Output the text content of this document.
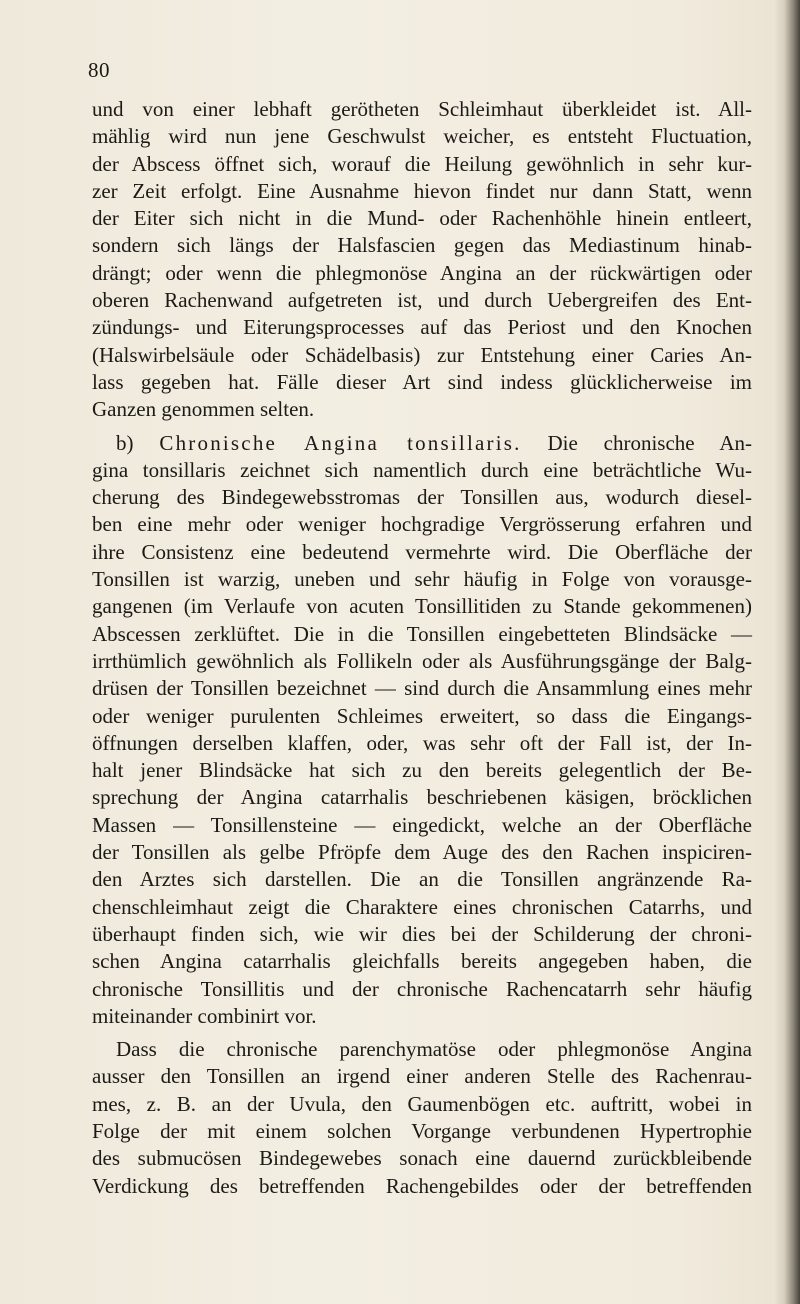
80
und von einer lebhaft gerötheten Schleimhaut überkleidet ist. All-
mählig wird nun jene Geschwulst weicher, es entsteht Fluctuation,
der Abscess öffnet sich, worauf die Heilung gewöhnlich in sehr kur-
zer Zeit erfolgt. Eine Ausnahme hievon findet nur dann Statt, wenn
der Eiter sich nicht in die Mund- oder Rachenhöhle hinein entleert,
sondern sich längs der Halsfascien gegen das Mediastinum hinab-
drängt; oder wenn die phlegmonöse Angina an der rückwärtigen oder
oberen Rachenwand aufgetreten ist, und durch Uebergreifen des Ent-
zündungs- und Eiterungsprocesses auf das Periost und den Knochen
(Halswirbelsäule oder Schädelbasis) zur Entstehung einer Caries An-
lass gegeben hat. Fälle dieser Art sind indess glücklicherweise im
Ganzen genommen selten.
b) Chronische Angina tonsillaris. Die chronische An-
gina tonsillaris zeichnet sich namentlich durch eine beträchtliche Wu-
cherung des Bindegewebsstromas der Tonsillen aus, wodurch diesel-
ben eine mehr oder weniger hochgradige Vergrösserung erfahren und
ihre Consistenz eine bedeutend vermehrte wird. Die Oberfläche der
Tonsillen ist warzig, uneben und sehr häufig in Folge von vorausge-
gangenen (im Verlaufe von acuten Tonsillitiden zu Stande gekommenen)
Abscessen zerklüftet. Die in die Tonsillen eingebetteten Blindsäcke —
irrthümlich gewöhnlich als Follikeln oder als Ausführungsgänge der Balg-
drüsen der Tonsillen bezeichnet — sind durch die Ansammlung eines mehr
oder weniger purulenten Schleimes erweitert, so dass die Eingangs-
öffnungen derselben klaffen, oder, was sehr oft der Fall ist, der In-
halt jener Blindsäcke hat sich zu den bereits gelegentlich der Be-
sprechung der Angina catarrhalis beschriebenen käsigen, bröcklichen
Massen — Tonsillensteine — eingedickt, welche an der Oberfläche
der Tonsillen als gelbe Pfröpfe dem Auge des den Rachen inspiciren-
den Arztes sich darstellen. Die an die Tonsillen angränzende Ra-
chenschleimhaut zeigt die Charaktere eines chronischen Catarrhs, und
überhaupt finden sich, wie wir dies bei der Schilderung der chroni-
schen Angina catarrhalis gleichfalls bereits angegeben haben, die
chronische Tonsillitis und der chronische Rachencatarrh sehr häufig
miteinander combinirt vor.
Dass die chronische parenchymatöse oder phlegmonöse Angina
ausser den Tonsillen an irgend einer anderen Stelle des Rachenrau-
mes, z. B. an der Uvula, den Gaumenbögen etc. auftritt, wobei in
Folge der mit einem solchen Vorgange verbundenen Hypertrophie
des submucösen Bindegewebes sonach eine dauernd zurückbleibende
Verdickung des betreffenden Rachengebildes oder der betreffenden
